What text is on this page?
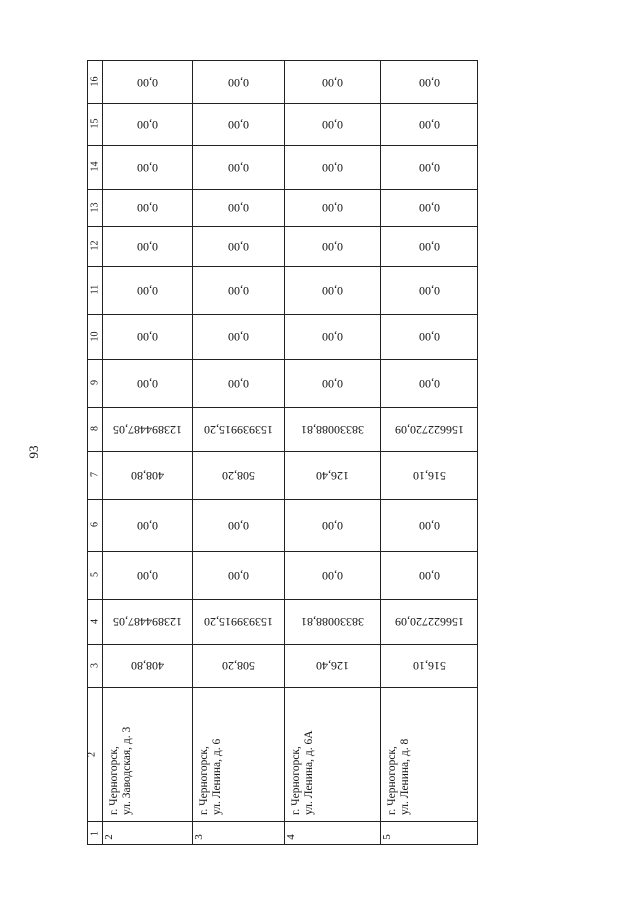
93
16
15
14
13
12
11
10
9
8
7
6
5
4
3
2
1
0,00
0,00
0,00
0,00
0,00
0,00
0,00
0,00
123894487,05
408,80
0,00
0,00
123894487,05
408,80
г. Черногорск, ул. Заводская, д. 3
2
0,00
0,00
0,00
0,00
0,00
0,00
0,00
0,00
153939915,20
508,20
0,00
0,00
153939915,20
508,20
г. Черногорск, ул. Ленина, д. 6
3
0,00
0,00
0,00
0,00
0,00
0,00
0,00
0,00
38330088,81
126,40
0,00
0,00
38330088,81
126,40
г. Черногорск, ул. Ленина, д. 6А
4
0,00
0,00
0,00
0,00
0,00
0,00
0,00
0,00
156622720,09
516,10
0,00
0,00
156622720,09
516,10
г. Черногорск, ул. Ленина, д. 8
5
